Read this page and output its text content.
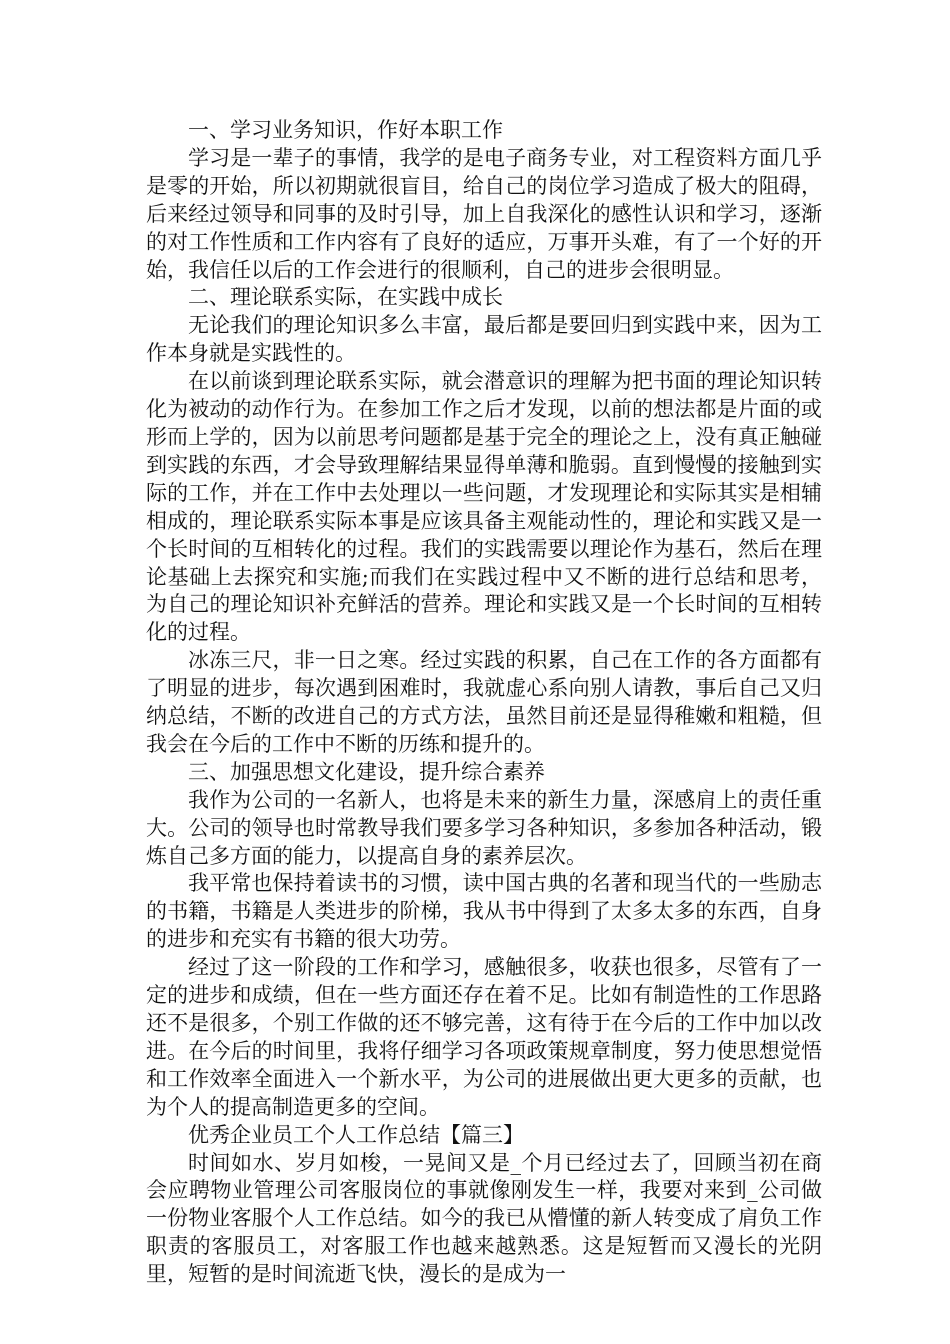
一、学习业务知识，作好本职工作

学习是一辈子的事情，我学的是电子商务专业，对工程资料方面几乎是零的开始，所以初期就很盲目，给自己的岗位学习造成了极大的阻碍，后来经过领导和同事的及时引导，加上自我深化的感性认识和学习，逐渐的对工作性质和工作内容有了良好的适应，万事开头难，有了一个好的开始，我信任以后的工作会进行的很顺利，自己的进步会很明显。

二、理论联系实际，在实践中成长

无论我们的理论知识多么丰富，最后都是要回归到实践中来，因为工作本身就是实践性的。

在以前谈到理论联系实际，就会潜意识的理解为把书面的理论知识转化为被动的动作行为。在参加工作之后才发现，以前的想法都是片面的或形而上学的，因为以前思考问题都是基于完全的理论之上，没有真正触碰到实践的东西，才会导致理解结果显得单薄和脆弱。直到慢慢的接触到实际的工作，并在工作中去处理以一些问题，才发现理论和实际其实是相辅相成的，理论联系实际本事是应该具备主观能动性的，理论和实践又是一个长时间的互相转化的过程。我们的实践需要以理论作为基石，然后在理论基础上去探究和实施;而我们在实践过程中又不断的进行总结和思考，为自己的理论知识补充鲜活的营养。理论和实践又是一个长时间的互相转化的过程。

冰冻三尺，非一日之寒。经过实践的积累，自己在工作的各方面都有了明显的进步，每次遇到困难时，我就虚心系向别人请教，事后自己又归纳总结，不断的改进自己的方式方法，虽然目前还是显得稚嫩和粗糙，但我会在今后的工作中不断的历练和提升的。

三、加强思想文化建设，提升综合素养

我作为公司的一名新人，也将是未来的新生力量，深感肩上的责任重大。公司的领导也时常教导我们要多学习各种知识，多参加各种活动，锻炼自己多方面的能力，以提高自身的素养层次。

我平常也保持着读书的习惯，读中国古典的名著和现当代的一些励志的书籍，书籍是人类进步的阶梯，我从书中得到了太多太多的东西，自身的进步和充实有书籍的很大功劳。

经过了这一阶段的工作和学习，感触很多，收获也很多，尽管有了一定的进步和成绩，但在一些方面还存在着不足。比如有制造性的工作思路还不是很多，个别工作做的还不够完善，这有待于在今后的工作中加以改进。在今后的时间里，我将仔细学习各项政策规章制度，努力使思想觉悟和工作效率全面进入一个新水平，为公司的进展做出更大更多的贡献，也为个人的提高制造更多的空间。

优秀企业员工个人工作总结【篇三】

时间如水、岁月如梭，一晃间又是_个月已经过去了，回顾当初在商会应聘物业管理公司客服岗位的事就像刚发生一样，我要对来到_公司做一份物业客服个人工作总结。如今的我已从懵懂的新人转变成了肩负工作职责的客服员工，对客服工作也越来越熟悉。这是短暂而又漫长的光阴里，短暂的是时间流逝飞快，漫长的是成为一
